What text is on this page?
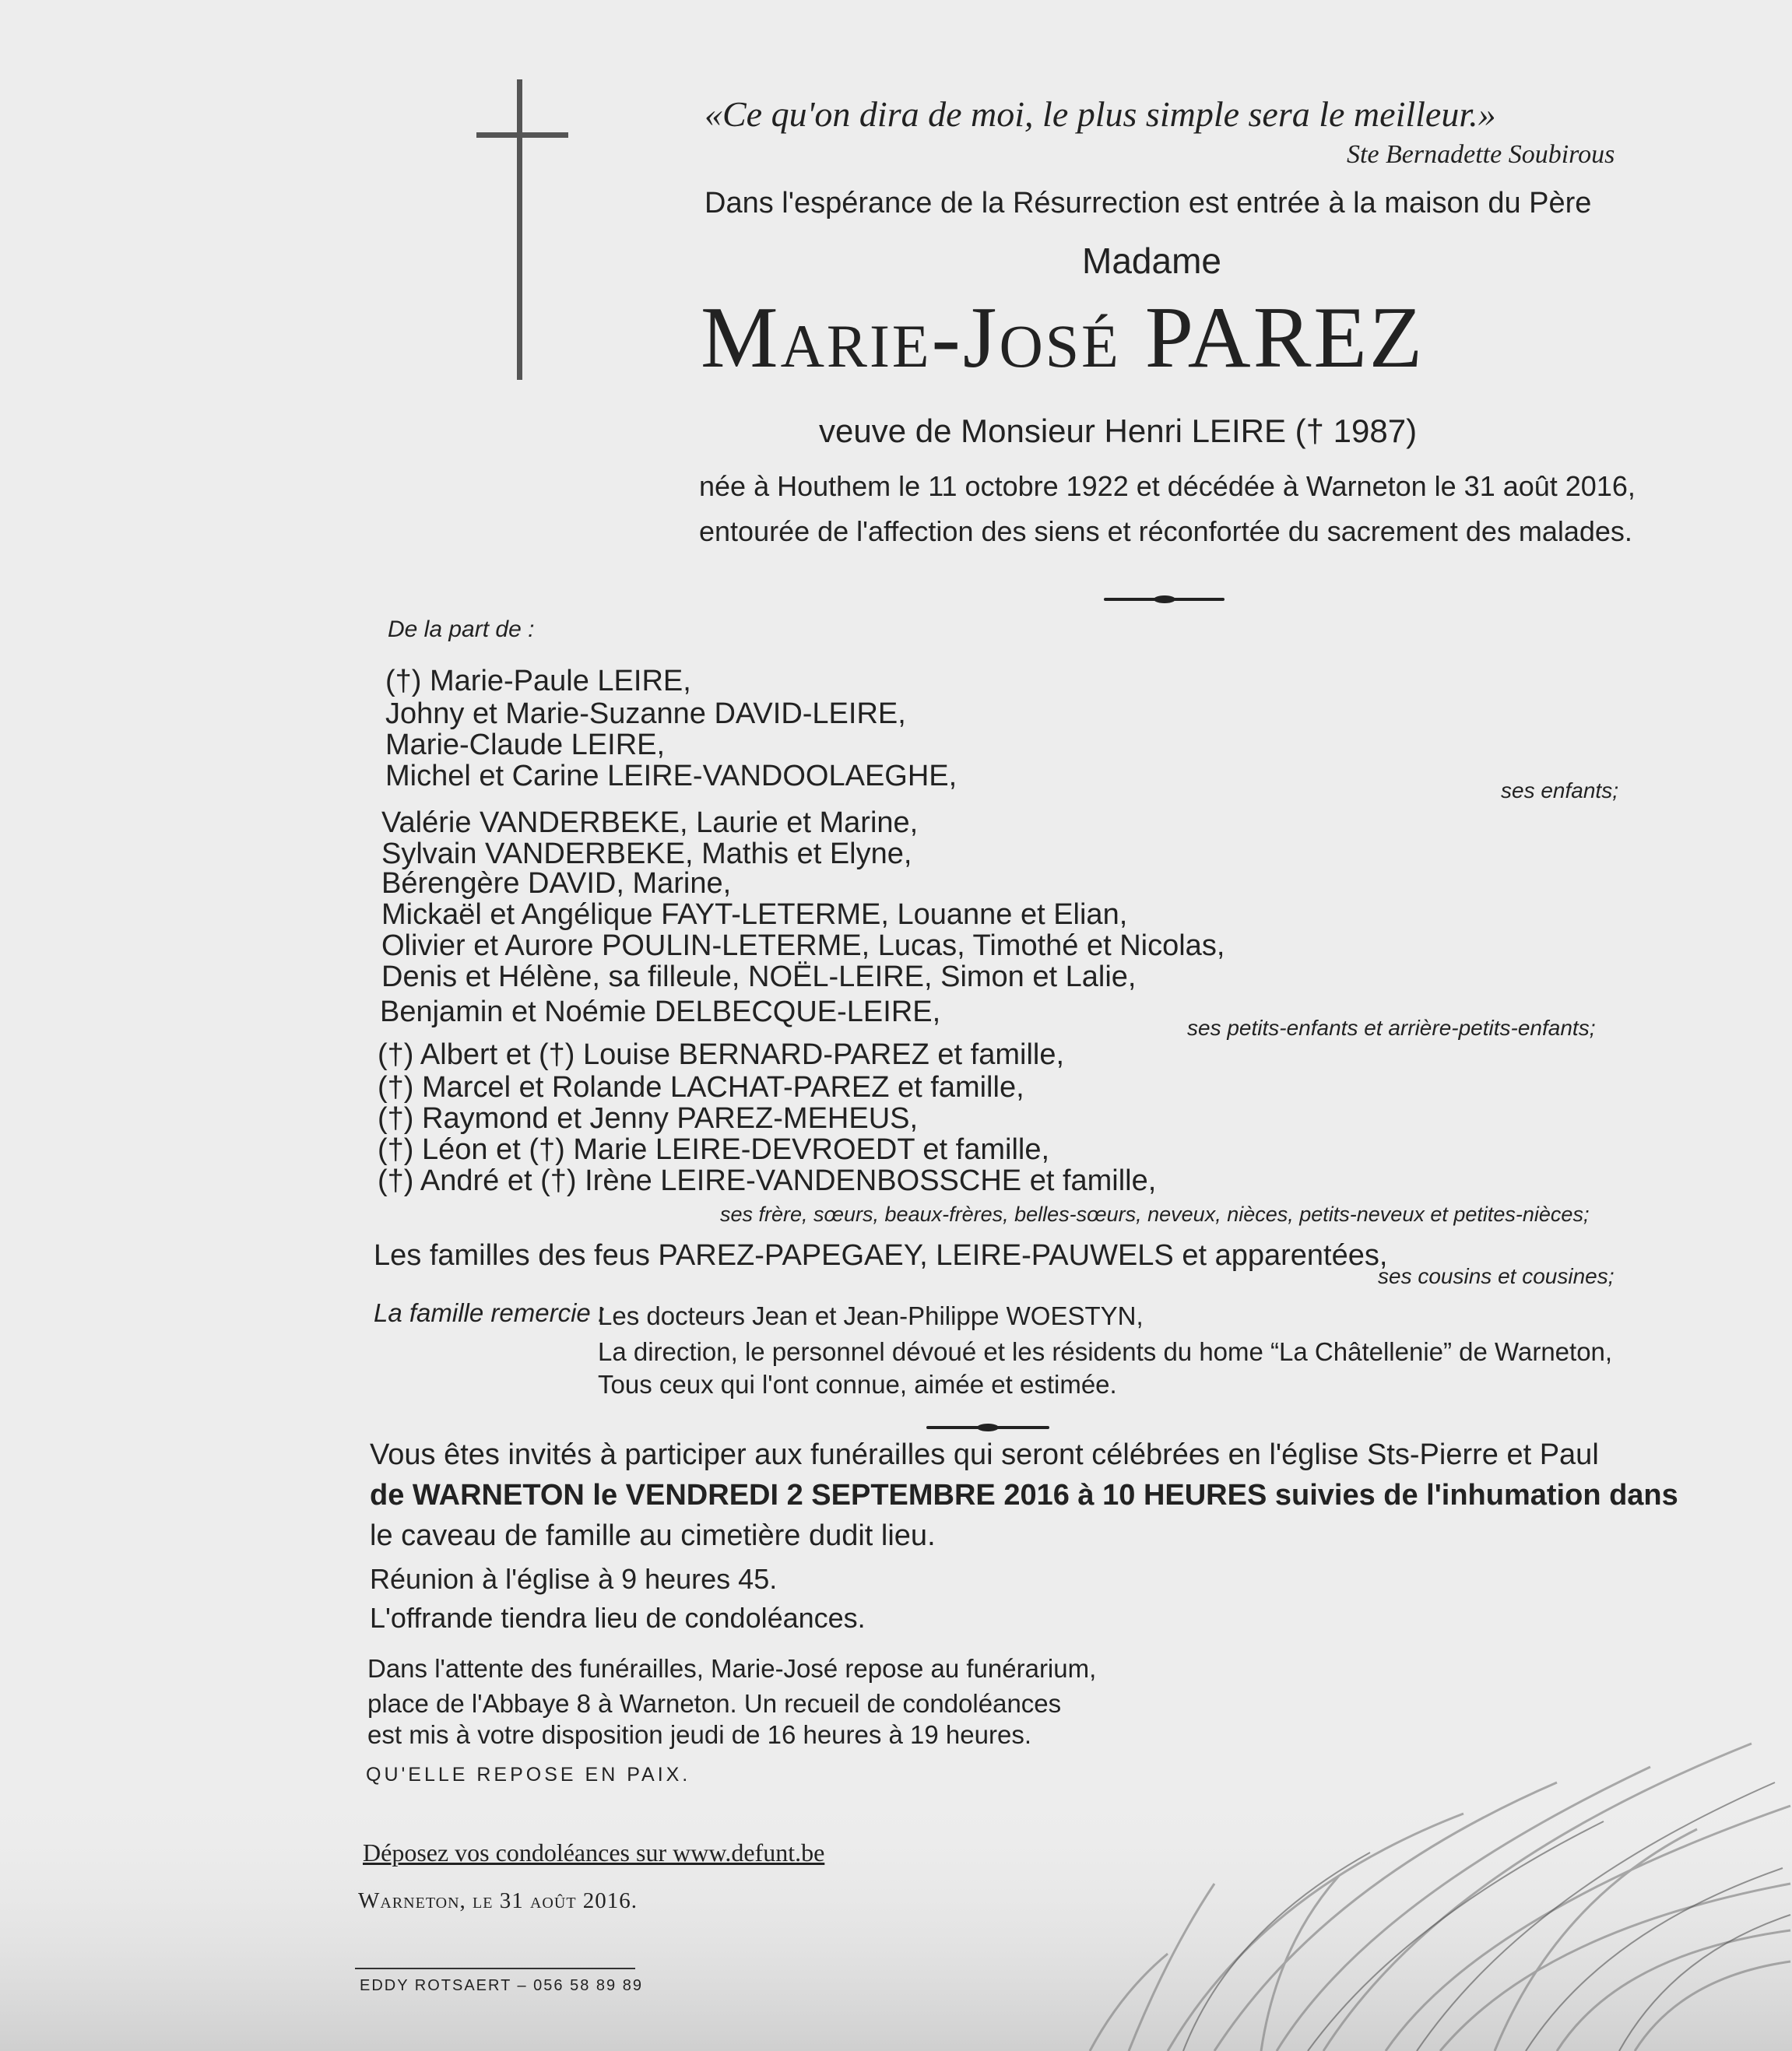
«Ce qu'on dira de moi, le plus simple sera le meilleur.»
Ste Bernadette Soubirous
Dans l'espérance de la Résurrection est entrée à la maison du Père
Madame
Marie-José PAREZ
veuve de Monsieur Henri LEIRE († 1987)
née à Houthem le 11 octobre 1922 et décédée à Warneton le 31 août 2016,
entourée de l'affection des siens et réconfortée du sacrement des malades.
De la part de :
(†) Marie-Paule LEIRE,
Johny et Marie-Suzanne DAVID-LEIRE,
Marie-Claude LEIRE,
Michel et Carine LEIRE-VANDOOLAEGHE,	ses enfants;
Valérie VANDERBEKE, Laurie et Marine,
Sylvain VANDERBEKE, Mathis et Elyne,
Bérengère DAVID, Marine,
Mickaël et Angélique FAYT-LETERME, Louanne et Elian,
Olivier et Aurore POULIN-LETERME, Lucas, Timothé et Nicolas,
Denis et Hélène, sa filleule, NOËL-LEIRE, Simon et Lalie,
Benjamin et Noémie DELBECQUE-LEIRE,	ses petits-enfants et arrière-petits-enfants;
(†) Albert et (†) Louise BERNARD-PAREZ et famille,
(†) Marcel et Rolande LACHAT-PAREZ et famille,
(†) Raymond et Jenny PAREZ-MEHEUS,
(†) Léon et (†) Marie LEIRE-DEVROEDT et famille,
(†) André et (†) Irène LEIRE-VANDENBOSSCHE et famille,
ses frère, sœurs, beaux-frères, belles-sœurs, neveux, nièces, petits-neveux et petites-nièces;
Les familles des feus PAREZ-PAPEGAEY, LEIRE-PAUWELS et apparentées,
ses cousins et cousines;
La famille remercie :
Les docteurs Jean et Jean-Philippe WOESTYN,
La direction, le personnel dévoué et les résidents du home “La Châtellenie” de Warneton,
Tous ceux qui l'ont connue, aimée et estimée.
Vous êtes invités à participer aux funérailles qui seront célébrées en l'église Sts-Pierre et Paul
de WARNETON le VENDREDI 2 SEPTEMBRE 2016 à 10 HEURES suivies de l'inhumation dans
le caveau de famille au cimetière dudit lieu.
Réunion à l'église à 9 heures 45.
L'offrande tiendra lieu de condoléances.
Dans l'attente des funérailles, Marie-José repose au funérarium,
place de l'Abbaye 8 à Warneton. Un recueil de condoléances
est mis à votre disposition jeudi de 16 heures à 19 heures.
QU'ELLE REPOSE EN PAIX.
Déposez vos condoléances sur www.defunt.be
Warneton, le 31 août 2016.
EDDY ROTSAERT – 056 58 89 89
